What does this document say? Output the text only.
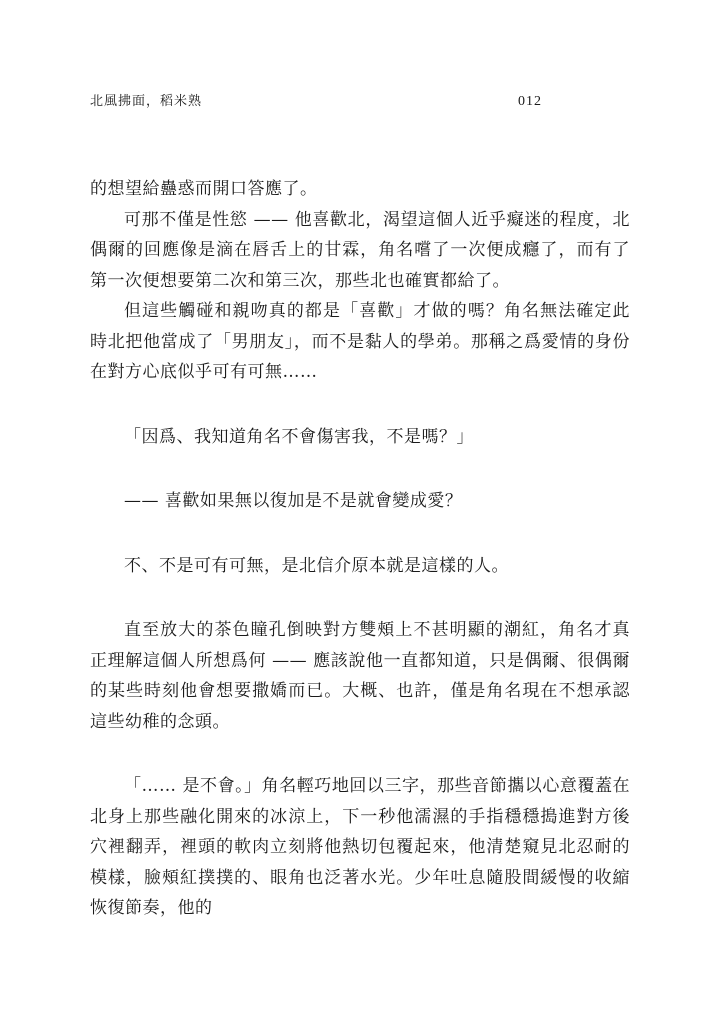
北風拂面，稻米熟	012

的想望給蠱惑而開口答應了。

可那不僅是性慾 —— 他喜歡北，渴望這個人近乎癡迷的程度，北偶爾的回應像是滴在唇舌上的甘霖，角名嚐了一次便成癮了，而有了第一次便想要第二次和第三次，那些北也確實都給了。

但這些觸碰和親吻真的都是「喜歡」才做的嗎？角名無法確定此時北把他當成了「男朋友」，而不是黏人的學弟。那稱之爲愛情的身份在對方心底似乎可有可無……

「因爲、我知道角名不會傷害我，不是嗎？」

—— 喜歡如果無以復加是不是就會變成愛？

不、不是可有可無，是北信介原本就是這樣的人。

直至放大的茶色瞳孔倒映對方雙頰上不甚明顯的潮紅，角名才真正理解這個人所想爲何 —— 應該說他一直都知道，只是偶爾、很偶爾的某些時刻他會想要撒嬌而已。大概、也許，僅是角名現在不想承認這些幼稚的念頭。

「…… 是不會。」角名輕巧地回以三字，那些音節攜以心意覆蓋在北身上那些融化開來的冰涼上，下一秒他濡濕的手指穩穩搗進對方後穴裡翻弄，裡頭的軟肉立刻將他熱切包覆起來，他清楚窺見北忍耐的模樣，臉頰紅撲撲的、眼角也泛著水光。少年吐息隨股間緩慢的收縮恢復節奏，他的
